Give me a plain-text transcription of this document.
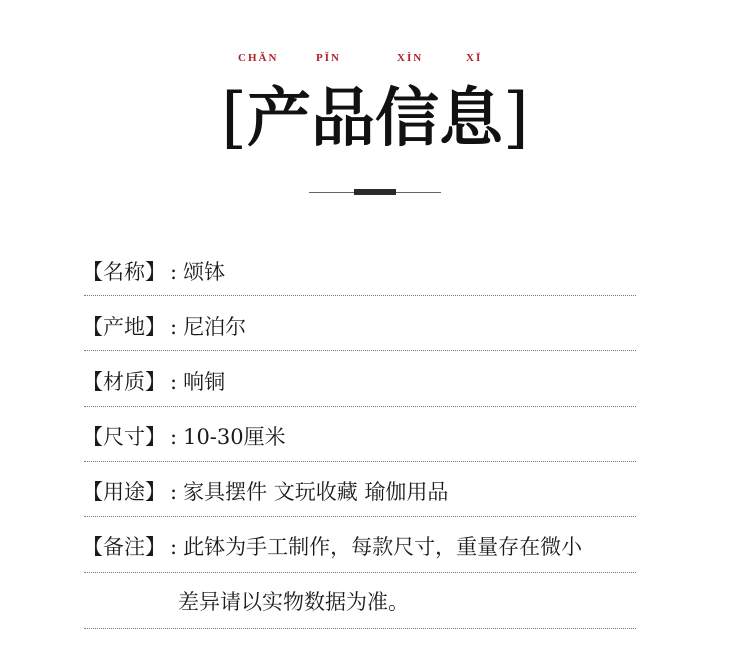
CHĂN	PĬN	XÌN	XĪ
[产品信息]
【名称】 : 颂钵
【产地】 : 尼泊尔
【材质】 : 响铜
【尺寸】 : 10-30厘米
【用途】 : 家具摆件 文玩收藏 瑜伽用品
【备注】 : 此钵为手工制作，每款尺寸，重量存在微小
差异请以实物数据为准。
